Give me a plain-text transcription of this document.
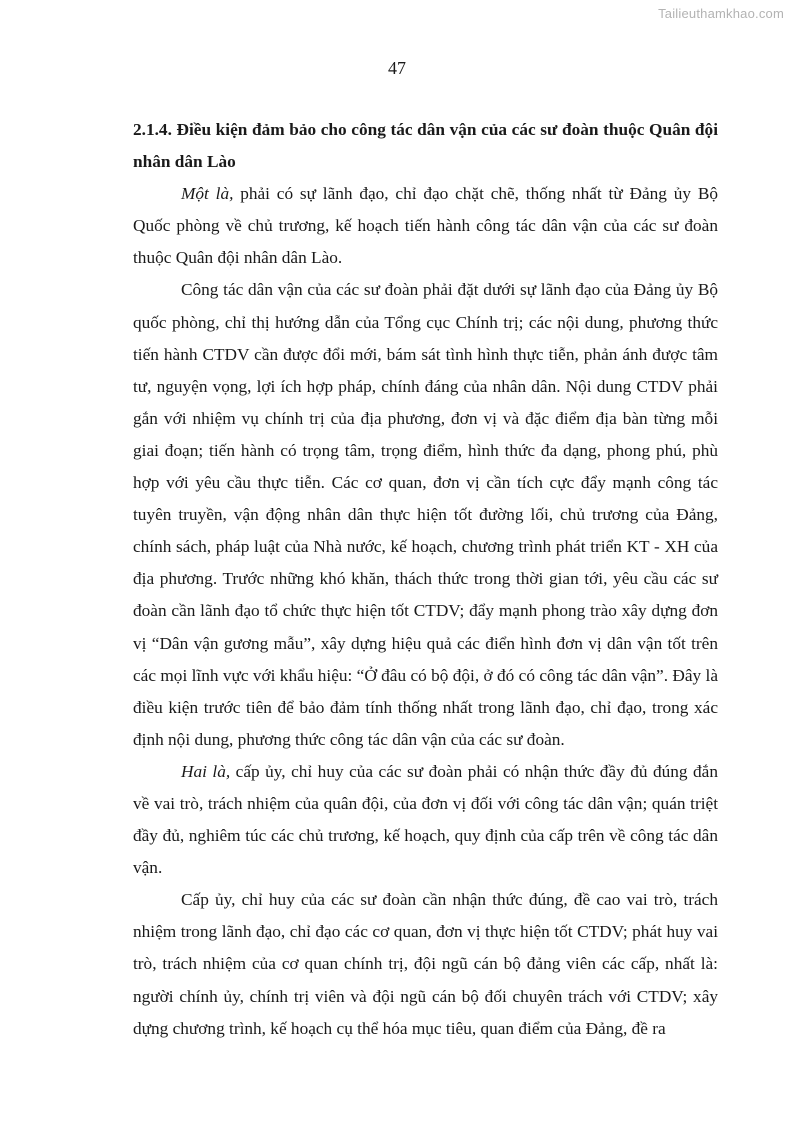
Tailieuthamkhao.com
47

2.1.4. Điều kiện đảm bảo cho công tác dân vận của các sư đoàn thuộc Quân đội nhân dân Lào

Một là, phải có sự lãnh đạo, chỉ đạo chặt chẽ, thống nhất từ Đảng ủy Bộ Quốc phòng về chủ trương, kế hoạch tiến hành công tác dân vận của các sư đoàn thuộc Quân đội nhân dân Lào.

Công tác dân vận của các sư đoàn phải đặt dưới sự lãnh đạo của Đảng ủy Bộ quốc phòng, chỉ thị hướng dẫn của Tổng cục Chính trị; các nội dung, phương thức tiến hành CTDV cần được đổi mới, bám sát tình hình thực tiễn, phản ánh được tâm tư, nguyện vọng, lợi ích hợp pháp, chính đáng của nhân dân. Nội dung CTDV phải gắn với nhiệm vụ chính trị của địa phương, đơn vị và đặc điểm địa bàn từng mỗi giai đoạn; tiến hành có trọng tâm, trọng điểm, hình thức đa dạng, phong phú, phù hợp với yêu cầu thực tiễn. Các cơ quan, đơn vị cần tích cực đẩy mạnh công tác tuyên truyền, vận động nhân dân thực hiện tốt đường lối, chủ trương của Đảng, chính sách, pháp luật của Nhà nước, kế hoạch, chương trình phát triển KT - XH của địa phương. Trước những khó khăn, thách thức trong thời gian tới, yêu cầu các sư đoàn cần lãnh đạo tổ chức thực hiện tốt CTDV; đẩy mạnh phong trào xây dựng đơn vị “Dân vận gương mẫu”, xây dựng hiệu quả các điển hình đơn vị dân vận tốt trên các mọi lĩnh vực với khẩu hiệu: “Ở đâu có bộ đội, ở đó có công tác dân vận”. Đây là điều kiện trước tiên để bảo đảm tính thống nhất trong lãnh đạo, chỉ đạo, trong xác định nội dung, phương thức công tác dân vận của các sư đoàn.

Hai là, cấp ủy, chỉ huy của các sư đoàn phải có nhận thức đầy đủ đúng đắn về vai trò, trách nhiệm của quân đội, của đơn vị đối với công tác dân vận; quán triệt đầy đủ, nghiêm túc các chủ trương, kế hoạch, quy định của cấp trên về công tác dân vận.

Cấp ủy, chỉ huy của các sư đoàn cần nhận thức đúng, đề cao vai trò, trách nhiệm trong lãnh đạo, chỉ đạo các cơ quan, đơn vị thực hiện tốt CTDV; phát huy vai trò, trách nhiệm của cơ quan chính trị, đội ngũ cán bộ đảng viên các cấp, nhất là: người chính ủy, chính trị viên và đội ngũ cán bộ đối chuyên trách với CTDV; xây dựng chương trình, kế hoạch cụ thể hóa mục tiêu, quan điểm của Đảng, đề ra
